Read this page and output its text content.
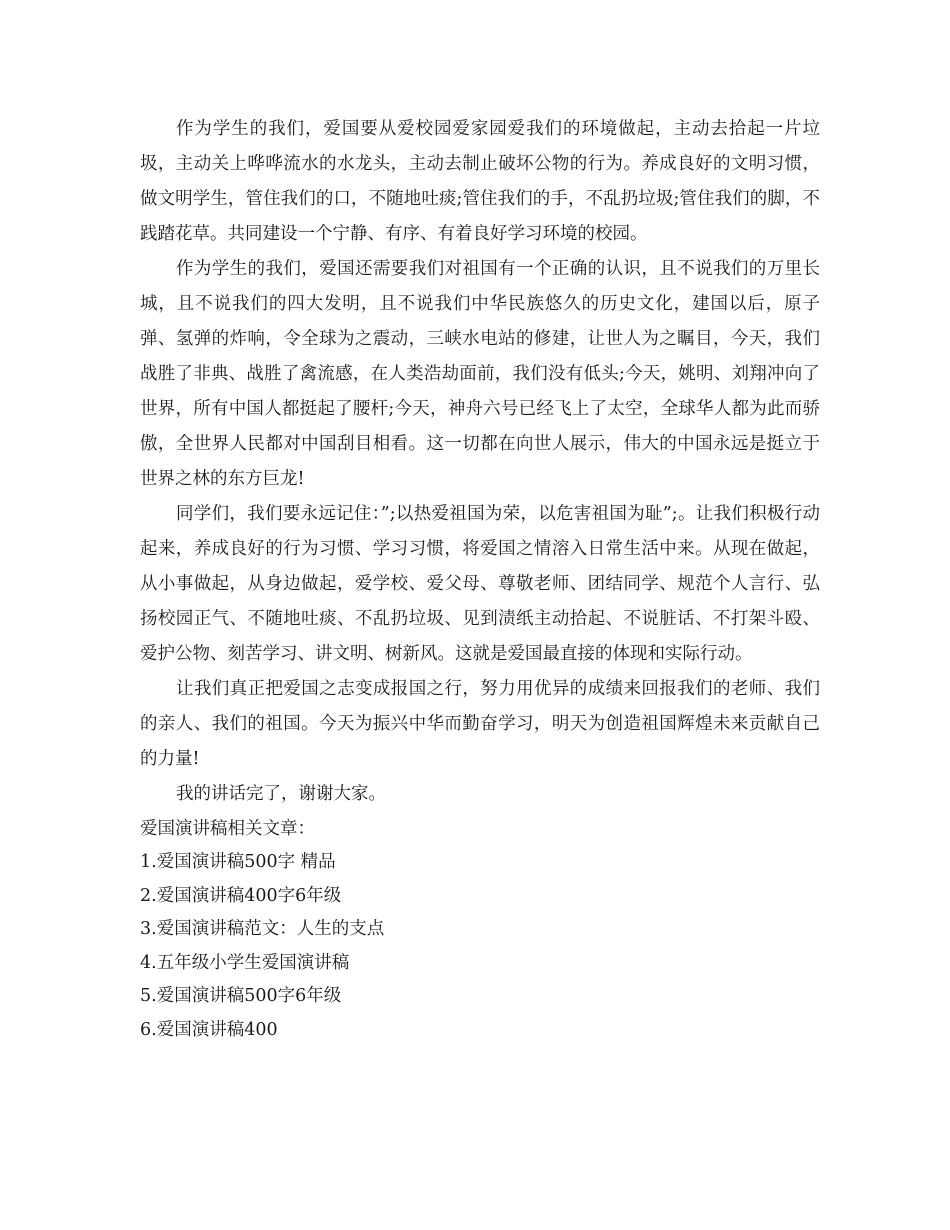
作为学生的我们，爱国要从爱校园爱家园爱我们的环境做起，主动去拾起一片垃圾，主动关上哗哗流水的水龙头，主动去制止破坏公物的行为。养成良好的文明习惯，做文明学生，管住我们的口，不随地吐痰;管住我们的手，不乱扔垃圾;管住我们的脚，不践踏花草。共同建设一个宁静、有序、有着良好学习环境的校园。

作为学生的我们，爱国还需要我们对祖国有一个正确的认识，且不说我们的万里长城，且不说我们的四大发明，且不说我们中华民族悠久的历史文化，建国以后，原子弹、氢弹的炸响，令全球为之震动，三峡水电站的修建，让世人为之瞩目，今天，我们战胜了非典、战胜了禽流感，在人类浩劫面前，我们没有低头;今天，姚明、刘翔冲向了世界，所有中国人都挺起了腰杆;今天，神舟六号已经飞上了太空，全球华人都为此而骄傲，全世界人民都对中国刮目相看。这一切都在向世人展示，伟大的中国永远是挺立于世界之林的东方巨龙!

同学们，我们要永远记住：”;以热爱祖国为荣，以危害祖国为耻”;。让我们积极行动起来，养成良好的行为习惯、学习习惯，将爱国之情溶入日常生活中来。从现在做起，从小事做起，从身边做起，爱学校、爱父母、尊敬老师、团结同学、规范个人言行、弘扬校园正气、不随地吐痰、不乱扔垃圾、见到渍纸主动拾起、不说脏话、不打架斗殴、爱护公物、刻苦学习、讲文明、树新风。这就是爱国最直接的体现和实际行动。

让我们真正把爱国之志变成报国之行，努力用优异的成绩来回报我们的老师、我们的亲人、我们的祖国。今天为振兴中华而勤奋学习，明天为创造祖国辉煌未来贡献自己的力量!

我的讲话完了，谢谢大家。

爱国演讲稿相关文章：

1.爱国演讲稿500字 精品
2.爱国演讲稿400字6年级
3.爱国演讲稿范文：人生的支点
4.五年级小学生爱国演讲稿
5.爱国演讲稿500字6年级
6.爱国演讲稿400
